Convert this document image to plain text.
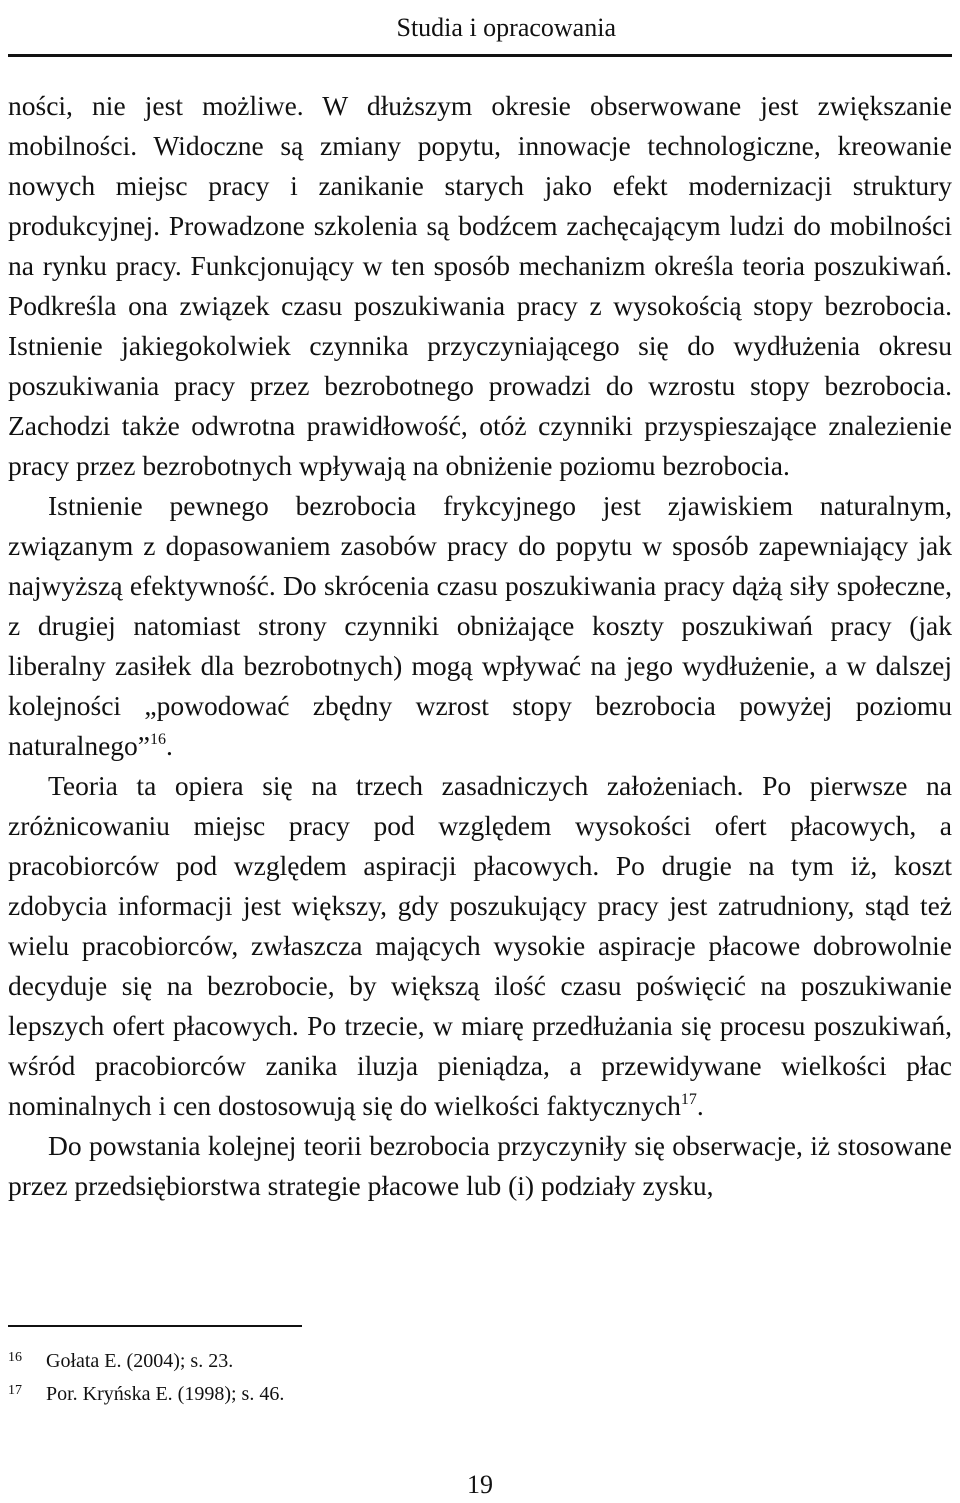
Studia i opracowania

ności, nie jest możliwe. W dłuższym okresie obserwowane jest zwiększanie mobilności. Widoczne są zmiany popytu, innowacje technologiczne, kreowanie nowych miejsc pracy i zanikanie starych jako efekt modernizacji struktury produkcyjnej. Prowadzone szkolenia są bodźcem zachęcającym ludzi do mobilności na rynku pracy. Funkcjonujący w ten sposób mechanizm określa teoria poszukiwań. Podkreśla ona związek czasu poszukiwania pracy z wysokością stopy bezrobocia. Istnienie jakiegokolwiek czynnika przyczyniającego się do wydłużenia okresu poszukiwania pracy przez bezrobotnego prowadzi do wzrostu stopy bezrobocia. Zachodzi także odwrotna prawidłowość, otóż czynniki przyspieszające znalezienie pracy przez bezrobotnych wpływają na obniżenie poziomu bezrobocia.

Istnienie pewnego bezrobocia frykcyjnego jest zjawiskiem naturalnym, związanym z dopasowaniem zasobów pracy do popytu w sposób zapewniający jak najwyższą efektywność. Do skrócenia czasu poszukiwania pracy dążą siły społeczne, z drugiej natomiast strony czynniki obniżające koszty poszukiwań pracy (jak liberalny zasiłek dla bezrobotnych) mogą wpływać na jego wydłużenie, a w dalszej kolejności „powodować zbędny wzrost stopy bezrobocia powyżej poziomu naturalnego”$^{16}$.

Teoria ta opiera się na trzech zasadniczych założeniach. Po pierwsze na zróżnicowaniu miejsc pracy pod względem wysokości ofert płacowych, a pracobiorców pod względem aspiracji płacowych. Po drugie na tym iż, koszt zdobycia informacji jest większy, gdy poszukujący pracy jest zatrudniony, stąd też wielu pracobiorców, zwłaszcza mających wysokie aspiracje płacowe dobrowolnie decyduje się na bezrobocie, by większą ilość czasu poświęcić na poszukiwanie lepszych ofert płacowych. Po trzecie, w miarę przedłużania się procesu poszukiwań, wśród pracobiorców zanika iluzja pieniądza, a przewidywane wielkości płac nominalnych i cen dostosowują się do wielkości faktycznych$^{17}$.

Do powstania kolejnej teorii bezrobocia przyczyniły się obserwacje, iż stosowane przez przedsiębiorstwa strategie płacowe lub (i) podziały zysku,

16	Gołata E. (2004); s. 23.
17	Por. Kryńska E. (1998); s. 46.
19
